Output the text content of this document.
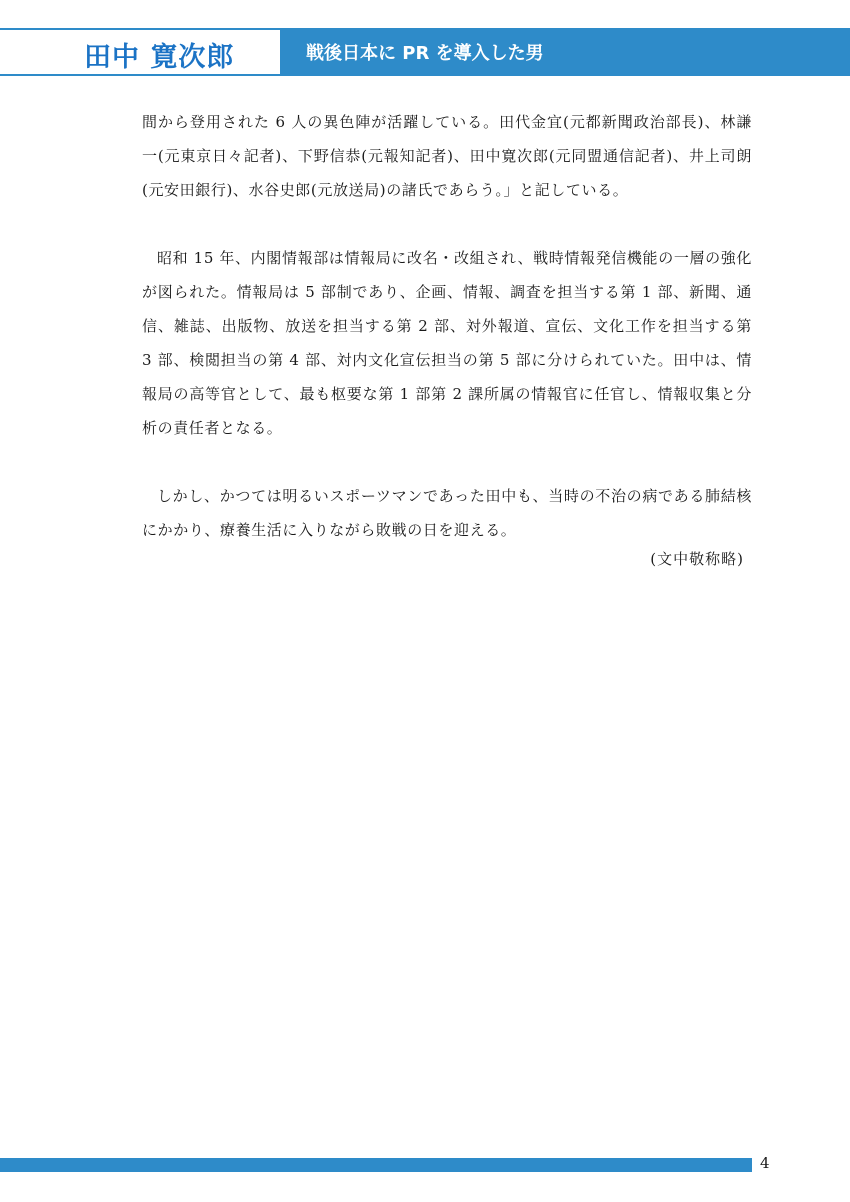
田中 寛次郎	戦後日本に PR を導入した男

間から登用された 6 人の異色陣が活躍している。田代金宜(元都新聞政治部長)、林謙一(元東京日々記者)、下野信恭(元報知記者)、田中寛次郎(元同盟通信記者)、井上司朗(元安田銀行)、水谷史郎(元放送局)の諸氏であらう。」と記している。

昭和 15 年、内閣情報部は情報局に改名・改組され、戦時情報発信機能の一層の強化が図られた。情報局は 5 部制であり、企画、情報、調査を担当する第 1 部、新聞、通信、雑誌、出版物、放送を担当する第 2 部、対外報道、宣伝、文化工作を担当する第 3 部、検閲担当の第 4 部、対内文化宣伝担当の第 5 部に分けられていた。田中は、情報局の高等官として、最も枢要な第 1 部第 2 課所属の情報官に任官し、情報収集と分析の責任者となる。

しかし、かつては明るいスポーツマンであった田中も、当時の不治の病である肺結核にかかり、療養生活に入りながら敗戦の日を迎える。

(文中敬称略)

4
